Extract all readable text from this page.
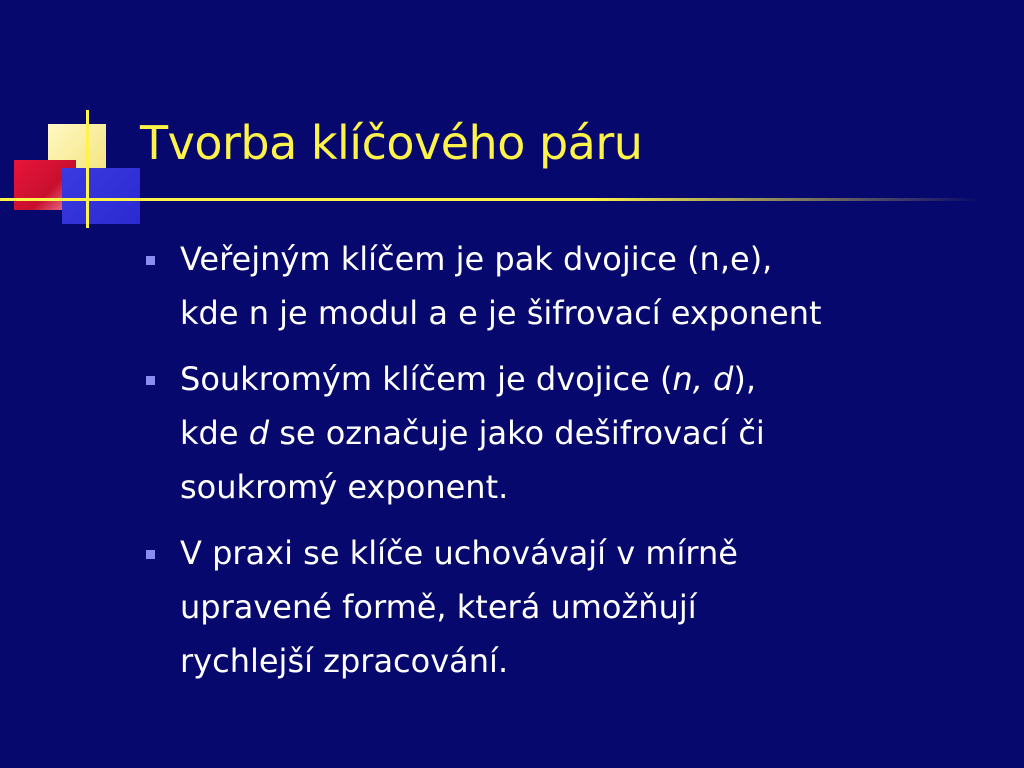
Tvorba klíčového páru
Veřejným klíčem je pak dvojice (n,e),
kde n je modul a e je šifrovací exponent
Soukromým klíčem je dvojice (n, d),
kde d se označuje jako dešifrovací či
soukromý exponent.
V praxi se klíče uchovávají v mírně
upravené formě, která umožňují
rychlejší zpracování.
